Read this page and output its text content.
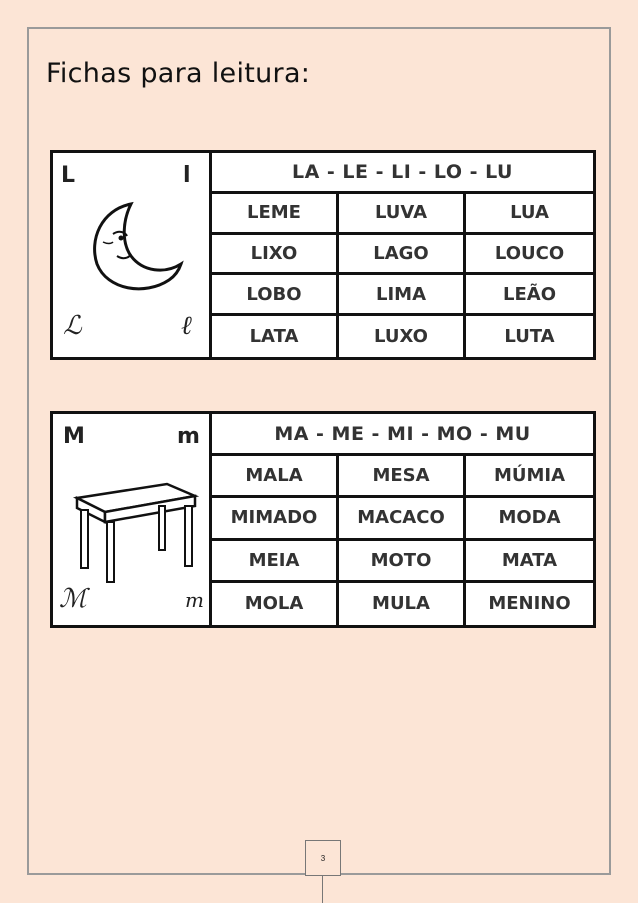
Fichas para leitura:
L	l
ℒ	ℓ
LA - LE - LI - LO - LU
LEME	LUVA	LUA
LIXO	LAGO	LOUCO
LOBO	LIMA	LEÃO
LATA	LUXO	LUTA
M	m
ℳ	m
MA - ME - MI - MO - MU
MALA	MESA	MÚMIA
MIMADO	MACACO	MODA
MEIA	MOTO	MATA
MOLA	MULA	MENINO
3
